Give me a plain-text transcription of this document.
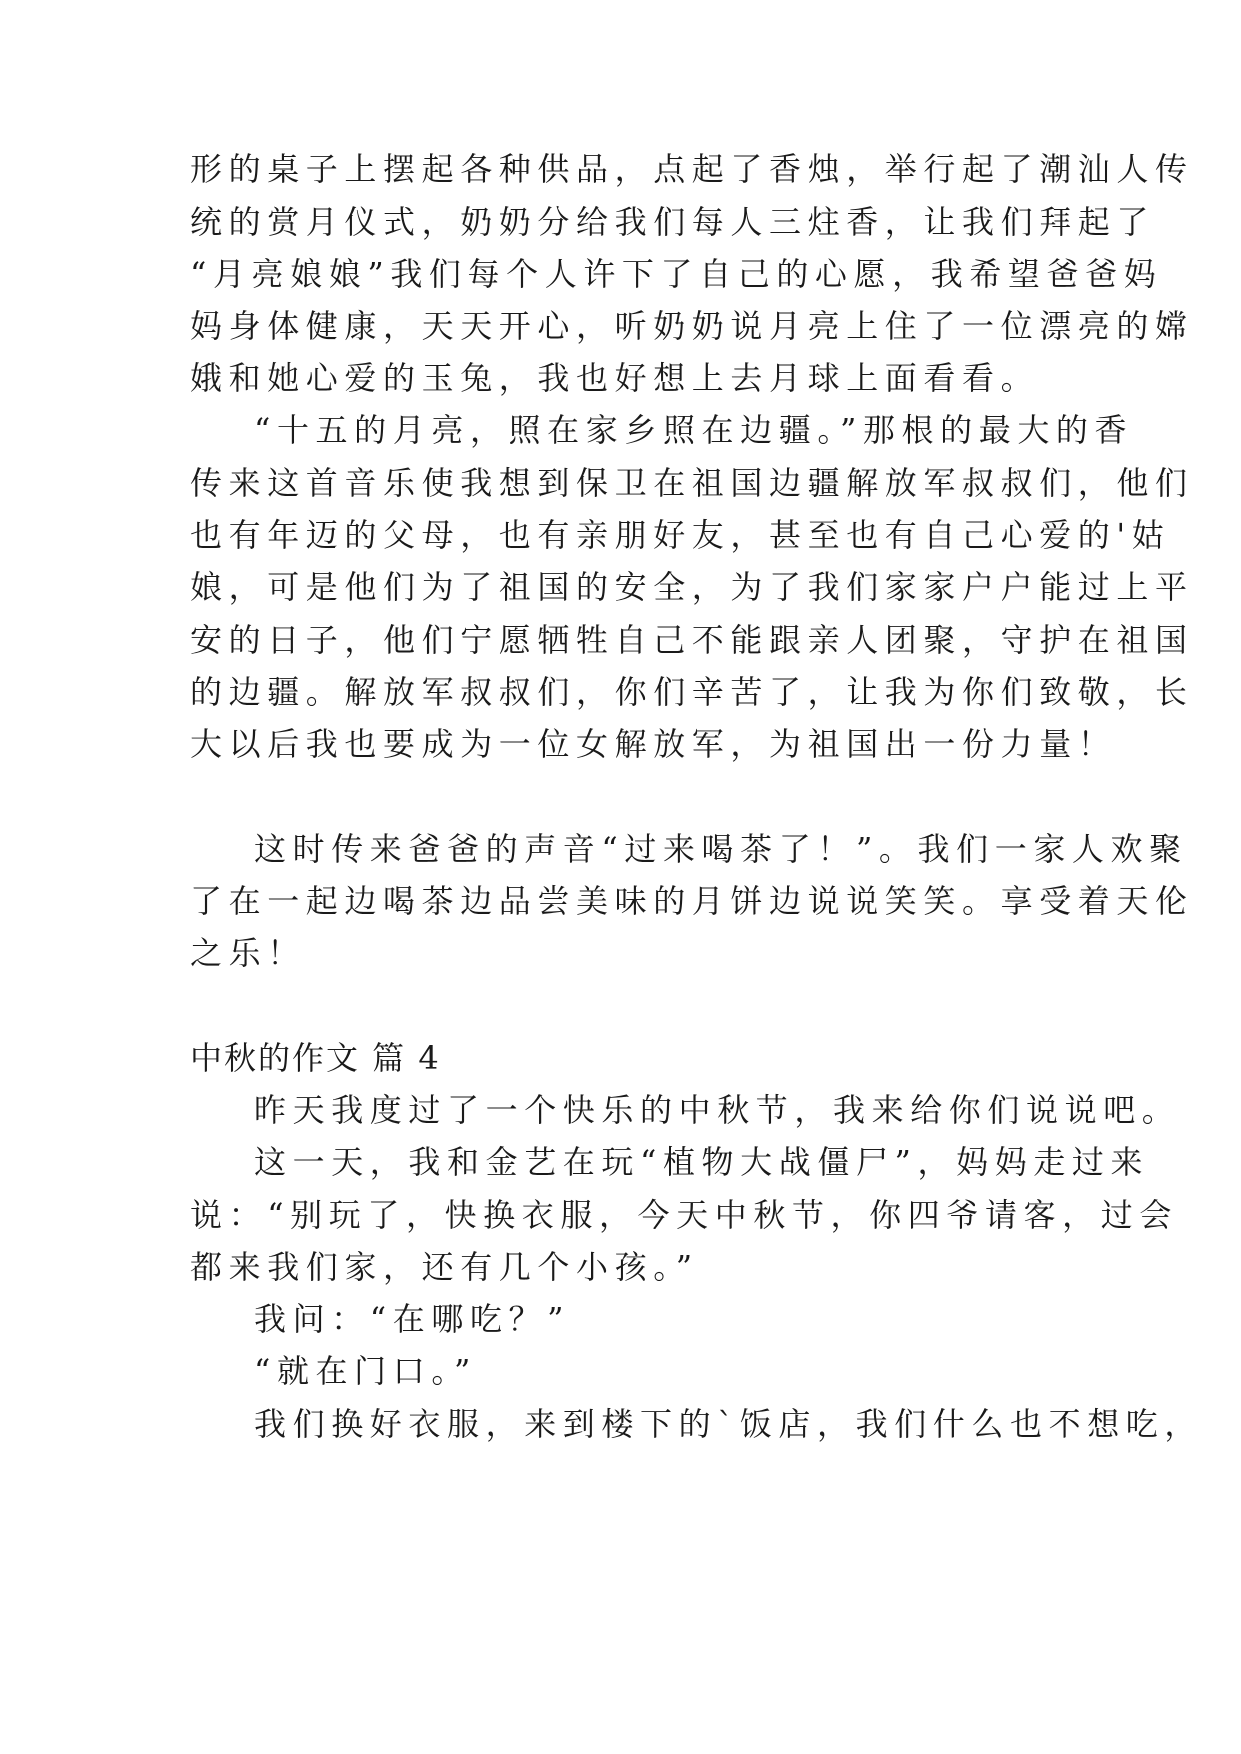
形的桌子上摆起各种供品，点起了香烛，举行起了潮汕人传
统的赏月仪式，奶奶分给我们每人三炷香，让我们拜起了
“月亮娘娘”我们每个人许下了自己的心愿，我希望爸爸妈
妈身体健康，天天开心，听奶奶说月亮上住了一位漂亮的嫦
娥和她心爱的玉兔，我也好想上去月球上面看看。
“十五的月亮，照在家乡照在边疆。”那根的最大的香
传来这首音乐使我想到保卫在祖国边疆解放军叔叔们，他们
也有年迈的父母，也有亲朋好友，甚至也有自己心爱的'姑
娘，可是他们为了祖国的安全，为了我们家家户户能过上平
安的日子，他们宁愿牺牲自己不能跟亲人团聚，守护在祖国
的边疆。解放军叔叔们，你们辛苦了，让我为你们致敬，长
大以后我也要成为一位女解放军，为祖国出一份力量！
这时传来爸爸的声音“过来喝茶了！”。我们一家人欢聚
了在一起边喝茶边品尝美味的月饼边说说笑笑。享受着天伦
之乐！
中秋的作文 篇 4
昨天我度过了一个快乐的中秋节，我来给你们说说吧。
这一天，我和金艺在玩“植物大战僵尸”，妈妈走过来
说：“别玩了，快换衣服，今天中秋节，你四爷请客，过会
都来我们家，还有几个小孩。”
我问：“在哪吃？”
“就在门口。”
我们换好衣服，来到楼下的`饭店，我们什么也不想吃，
